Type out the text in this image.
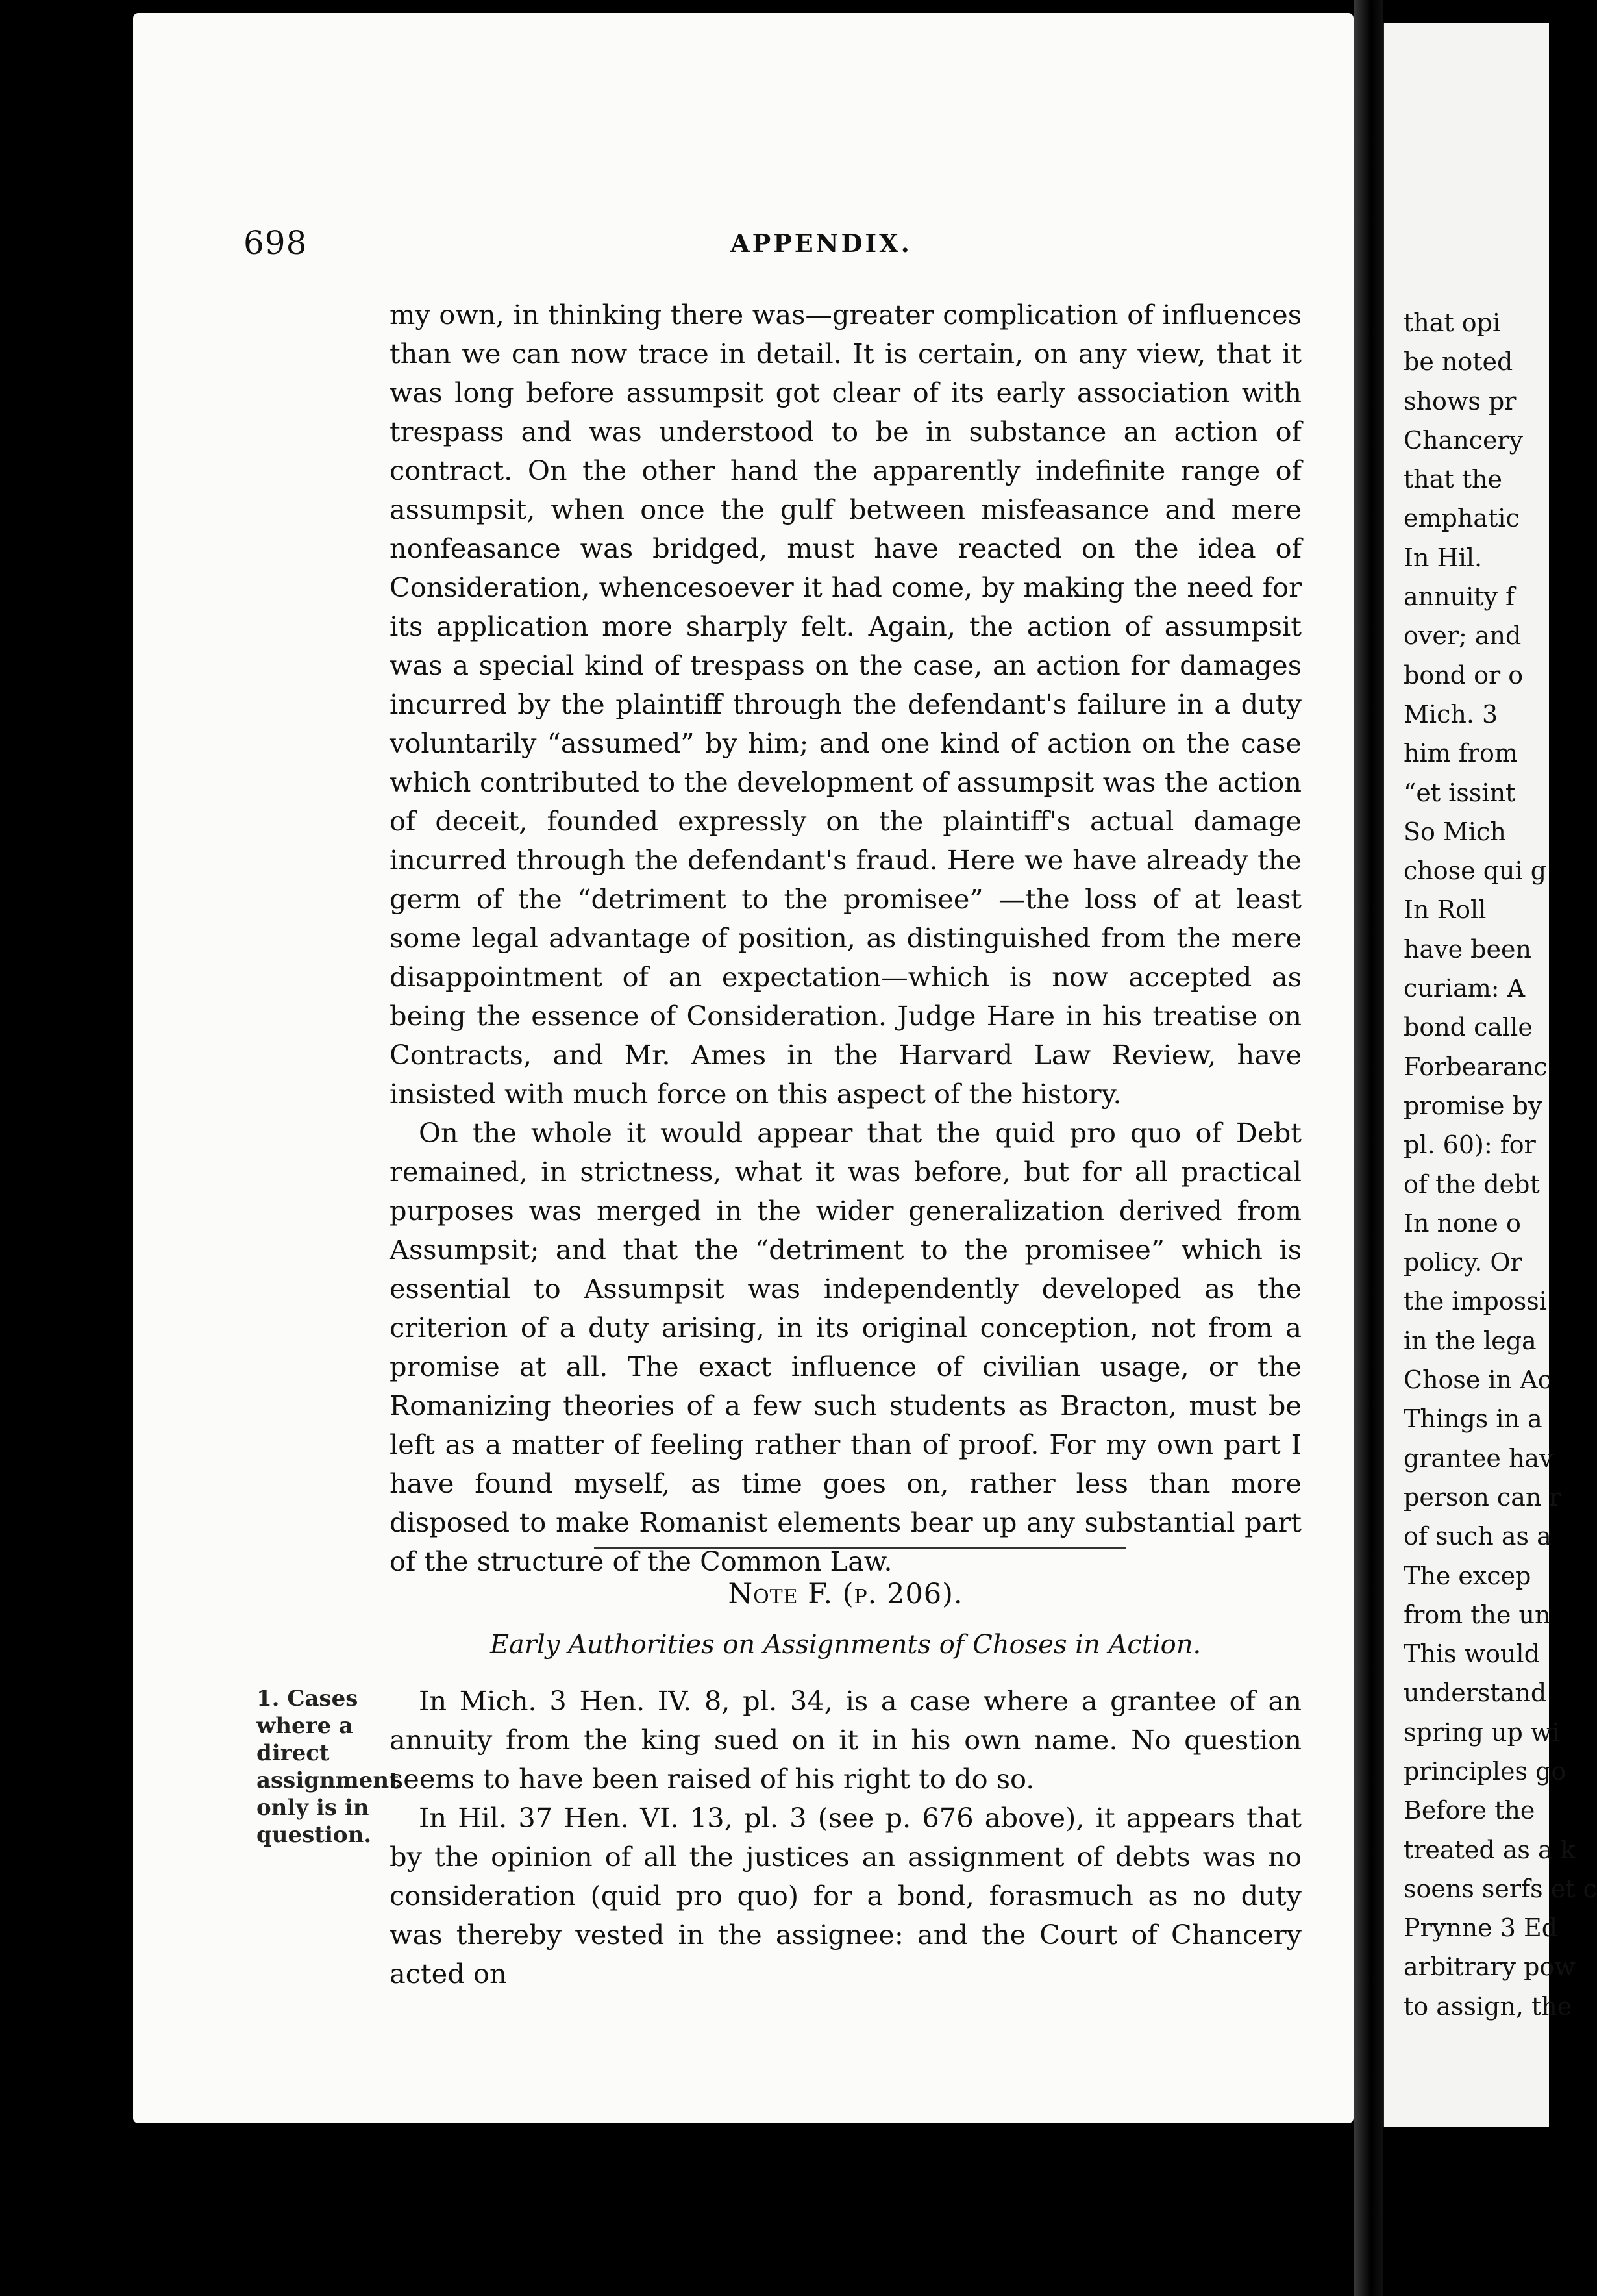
698	APPENDIX.

my own, in thinking there was—greater complication of influences than we can now trace in detail. It is certain, on any view, that it was long before assumpsit got clear of its early association with trespass and was understood to be in substance an action of contract. On the other hand the apparently indefinite range of assumpsit, when once the gulf between misfeasance and mere nonfeasance was bridged, must have reacted on the idea of Consideration, whencesoever it had come, by making the need for its application more sharply felt. Again, the action of assumpsit was a special kind of trespass on the case, an action for damages incurred by the plaintiff through the defendant's failure in a duty voluntarily “assumed” by him; and one kind of action on the case which contributed to the development of assumpsit was the action of deceit, founded expressly on the plaintiff's actual damage incurred through the defendant's fraud. Here we have already the germ of the “detriment to the promisee” —the loss of at least some legal advantage of position, as distinguished from the mere disappointment of an expectation—which is now accepted as being the essence of Consideration. Judge Hare in his treatise on Contracts, and Mr. Ames in the Harvard Law Review, have insisted with much force on this aspect of the history.

On the whole it would appear that the quid pro quo of Debt remained, in strictness, what it was before, but for all practical purposes was merged in the wider generalization derived from Assumpsit; and that the “detriment to the promisee” which is essential to Assumpsit was independently developed as the criterion of a duty arising, in its original conception, not from a promise at all. The exact influence of civilian usage, or the Romanizing theories of a few such students as Bracton, must be left as a matter of feeling rather than of proof. For my own part I have found myself, as time goes on, rather less than more disposed to make Romanist elements bear up any substantial part of the structure of the Common Law.

Note F. (p. 206).
Early Authorities on Assignments of Choses in Action.
1. Cases where a direct assignment only is in question.

In Mich. 3 Hen. IV. 8, pl. 34, is a case where a grantee of an annuity from the king sued on it in his own name. No question seems to have been raised of his right to do so.

In Hil. 37 Hen. VI. 13, pl. 3 (see p. 676 above), it appears that by the opinion of all the justices an assignment of debts was no consideration (quid pro quo) for a bond, forasmuch as no duty was thereby vested in the assignee: and the Court of Chancery acted on

that opi
be noted
shows pr
Chancery
that the
emphatic
In Hil.
annuity f
over; and
bond or o
Mich. 3
him from
“et issint
So Mich
chose qui g
In Roll
have been
curiam: A
bond calle
Forbearanc
promise by
pl. 60): for
of the debt
In none o
policy. Or
the impossi
in the lega
Chose in Ac
Things in a
grantee hav
person can r
of such as a
The excep
from the un
This would
understand
spring up wi
principles go
Before the
treated as a k
soens serfs et c
Prynne 3 Ed
arbitrary pow
to assign, the
